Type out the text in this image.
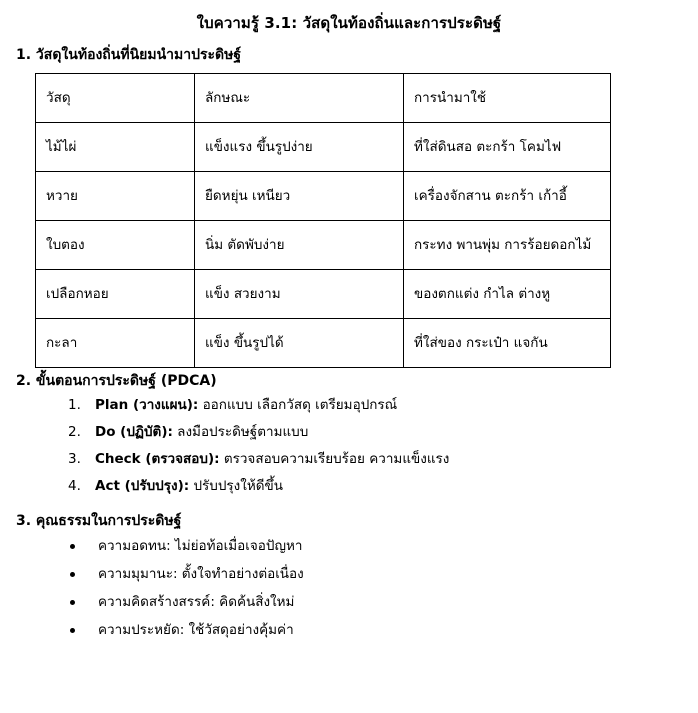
ใบความรู้ 3.1: วัสดุในท้องถิ่นและการประดิษฐ์
1. วัสดุในท้องถิ่นที่นิยมนำมาประดิษฐ์
วัสดุ	ลักษณะ	การนำมาใช้
ไม้ไผ่	แข็งแรง ขึ้นรูปง่าย	ที่ใส่ดินสอ ตะกร้า โคมไฟ
หวาย	ยืดหยุ่น เหนียว	เครื่องจักสาน ตะกร้า เก้าอี้
ใบตอง	นิ่ม ตัดพับง่าย	กระทง พานพุ่ม การร้อยดอกไม้
เปลือกหอย	แข็ง สวยงาม	ของตกแต่ง กำไล ต่างหู
กะลา	แข็ง ขึ้นรูปได้	ที่ใส่ของ กระเป๋า แจกัน
2. ขั้นตอนการประดิษฐ์ (PDCA)
1.	Plan (วางแผน): ออกแบบ เลือกวัสดุ เตรียมอุปกรณ์
2.	Do (ปฏิบัติ): ลงมือประดิษฐ์ตามแบบ
3.	Check (ตรวจสอบ): ตรวจสอบความเรียบร้อย ความแข็งแรง
4.	Act (ปรับปรุง): ปรับปรุงให้ดีขึ้น
3. คุณธรรมในการประดิษฐ์
ความอดทน: ไม่ย่อท้อเมื่อเจอปัญหา
ความมุมานะ: ตั้งใจทำอย่างต่อเนื่อง
ความคิดสร้างสรรค์: คิดค้นสิ่งใหม่
ความประหยัด: ใช้วัสดุอย่างคุ้มค่า
